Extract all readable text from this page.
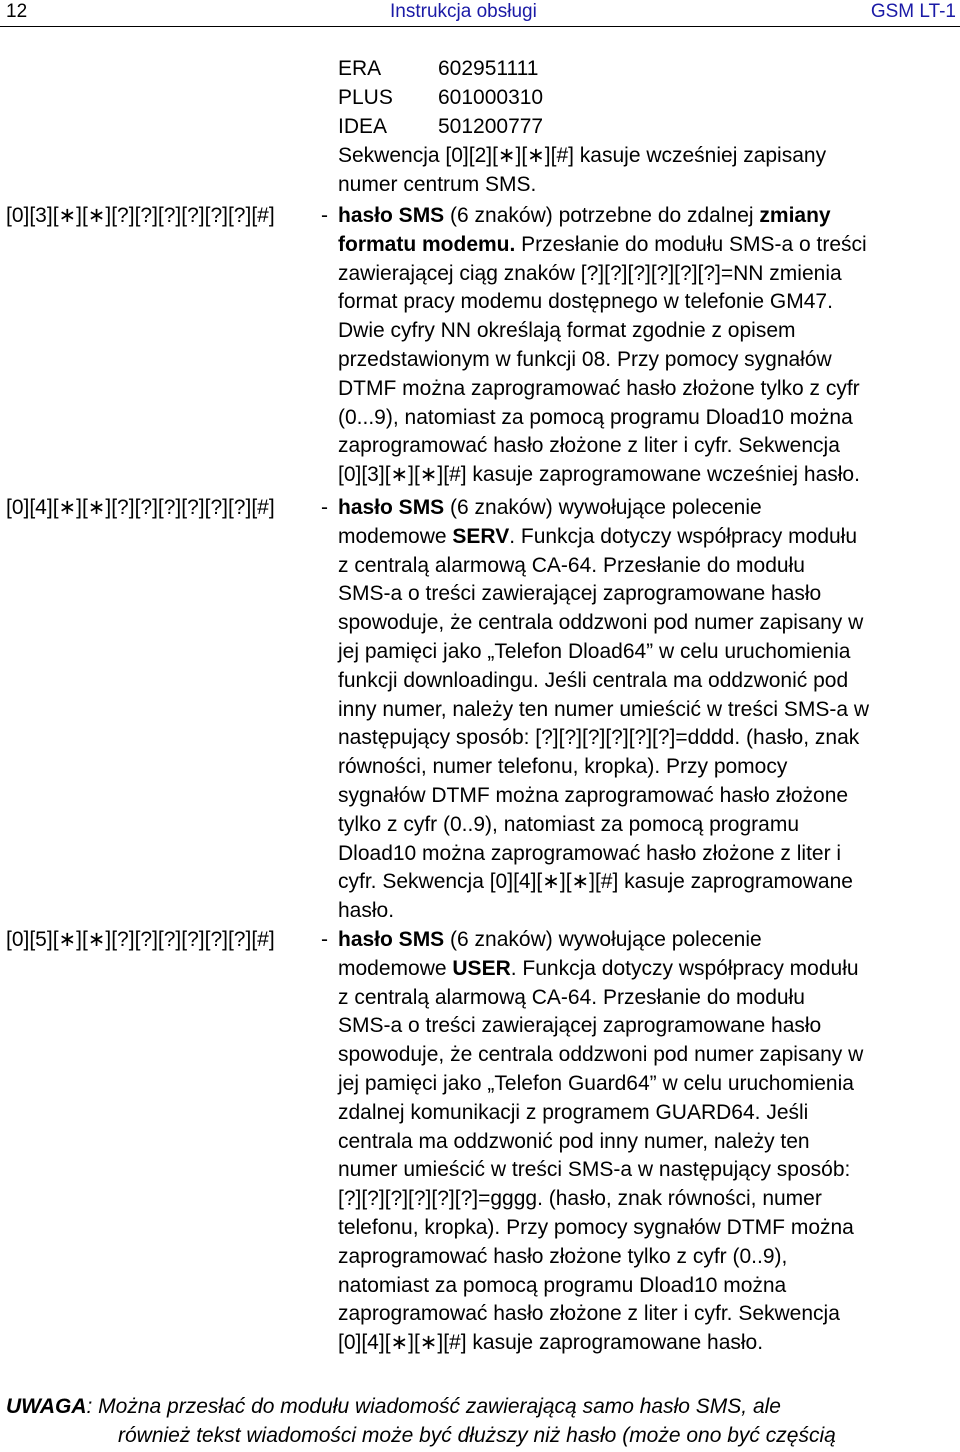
12	Instrukcja obsługi	GSM LT-1
ERA	602951111
PLUS 601000310
IDEA 501200777
Sekwencja [0][2][∗][∗][#] kasuje wcześniej zapisany
numer centrum SMS.
[0][3][∗][∗][?][?][?][?][?][?][#] - hasło SMS (6 znaków) potrzebne do zdalnej zmiany
formatu modemu. Przesłanie do modułu SMS-a o treści
zawierającej ciąg znaków [?][?][?][?][?][?]=NN zmienia
format pracy modemu dostępnego w telefonie GM47.
Dwie cyfry NN określają format zgodnie z opisem
przedstawionym w funkcji 08. Przy pomocy sygnałów
DTMF można zaprogramować hasło złożone tylko z cyfr
(0...9), natomiast za pomocą programu Dload10 można
zaprogramować hasło złożone z liter i cyfr. Sekwencja
[0][3][∗][∗][#] kasuje zaprogramowane wcześniej hasło.
[0][4][∗][∗][?][?][?][?][?][?][#] - hasło SMS (6 znaków) wywołujące polecenie
modemowe SERV. Funkcja dotyczy współpracy modułu
z centralą alarmową CA-64. Przesłanie do modułu
SMS-a o treści zawierającej zaprogramowane hasło
spowoduje, że centrala oddzwoni pod numer zapisany w
jej pamięci jako „Telefon Dload64” w celu uruchomienia
funkcji downloadingu. Jeśli centrala ma oddzwonić pod
inny numer, należy ten numer umieścić w treści SMS-a w
następujący sposób: [?][?][?][?][?][?]=dddd. (hasło, znak
równości, numer telefonu, kropka). Przy pomocy
sygnałów DTMF można zaprogramować hasło złożone
tylko z cyfr (0..9), natomiast za pomocą programu
Dload10 można zaprogramować hasło złożone z liter i
cyfr. Sekwencja [0][4][∗][∗][#] kasuje zaprogramowane
hasło.
[0][5][∗][∗][?][?][?][?][?][?][#] - hasło SMS (6 znaków) wywołujące polecenie
modemowe USER. Funkcja dotyczy współpracy modułu
z centralą alarmową CA-64. Przesłanie do modułu
SMS-a o treści zawierającej zaprogramowane hasło
spowoduje, że centrala oddzwoni pod numer zapisany w
jej pamięci jako „Telefon Guard64” w celu uruchomienia
zdalnej komunikacji z programem GUARD64. Jeśli
centrala ma oddzwonić pod inny numer, należy ten
numer umieścić w treści SMS-a w następujący sposób:
[?][?][?][?][?][?]=gggg. (hasło, znak równości, numer
telefonu, kropka). Przy pomocy sygnałów DTMF można
zaprogramować hasło złożone tylko z cyfr (0..9),
natomiast za pomocą programu Dload10 można
zaprogramować hasło złożone z liter i cyfr. Sekwencja
[0][4][∗][∗][#] kasuje zaprogramowane hasło.
UWAGA: Można przesłać do modułu wiadomość zawierającą samo hasło SMS, ale
również tekst wiadomości może być dłuższy niż hasło (może ono być częścią
